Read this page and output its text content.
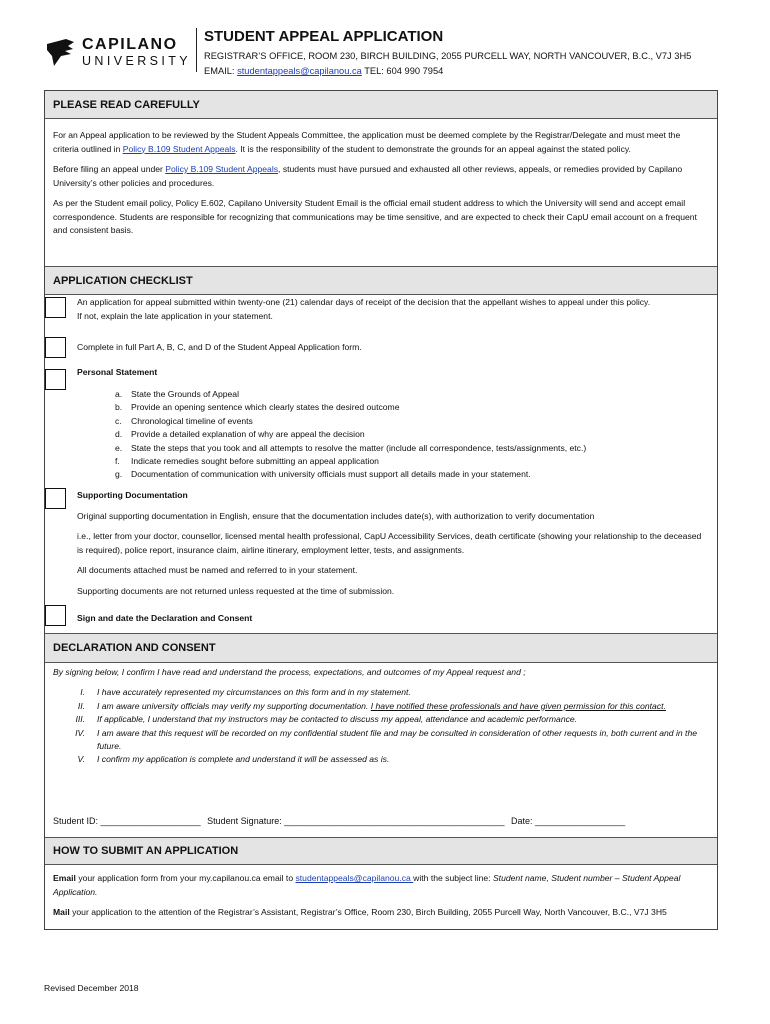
CAPILANO
UNIVERSITY
STUDENT APPEAL APPLICATION
REGISTRAR’S OFFICE, ROOM 230, BIRCH BUILDING, 2055 PURCELL WAY, NORTH VANCOUVER, B.C., V7J 3H5
EMAIL: studentappeals@capilanou.ca TEL: 604 990 7954
PLEASE READ CAREFULLY

For an Appeal application to be reviewed by the Student Appeals Committee, the application must be deemed complete by the Registrar/Delegate and must meet the criteria outlined in Policy B.109 Student Appeals. It is the responsibility of the student to demonstrate the grounds for an appeal against the stated policy.

Before filing an appeal under Policy B.109 Student Appeals, students must have pursued and exhausted all other reviews, appeals, or remedies provided by Capilano University’s other policies and procedures.

As per the Student email policy, Policy E.602, Capilano University Student Email is the official email student address to which the University will send and accept email correspondence. Students are responsible for recognizing that communications may be time sensitive, and are expected to check their CapU email account on a frequent and consistent basis.

APPLICATION CHECKLIST

An application for appeal submitted within twenty-one (21) calendar days of receipt of the decision that the appellant wishes to appeal under this policy.

If not, explain the late application in your statement.

Complete in full Part A, B, C, and D of the Student Appeal Application form.
Personal Statement
a.	State the Grounds of Appeal
b.	Provide an opening sentence which clearly states the desired outcome
c.	Chronological timeline of events
d.	Provide a detailed explanation of why are appeal the decision
e.	State the steps that you took and all attempts to resolve the matter (include all correspondence, tests/assignments, etc.)
f.	Indicate remedies sought before submitting an appeal application
g.	Documentation of communication with university officials must support all details made in your statement.

Supporting Documentation

Original supporting documentation in English, ensure that the documentation includes date(s), with authorization to verify documentation

i.e., letter from your doctor, counsellor, licensed mental health professional, CapU Accessibility Services, death certificate (showing your relationship to the deceased is required), police report, insurance claim, airline itinerary, employment letter, tests, and assignments.

All documents attached must be named and referred to in your statement.

Supporting documents are not returned unless requested at the time of submission.

Sign and date the Declaration and Consent
DECLARATION AND CONSENT
By signing below, I confirm I have read and understand the process, expectations, and outcomes of my Appeal request and ;
I.	I have accurately represented my circumstances on this form and in my statement.
II.	I am aware university officials may verify my supporting documentation. I have notified these professionals and have given permission for this contact.
III.	If applicable, I understand that my instructors may be contacted to discuss my appeal, attendance and academic performance.
IV.	I am aware that this request will be recorded on my confidential student file and may be consulted in consideration of other requests in, both current and in the future.
V.	I confirm my application is complete and understand it will be assessed as is.
Student ID: ____________________ Student Signature: ____________________________________________ Date: __________________
HOW TO SUBMIT AN APPLICATION

Email your application form from your my.capilanou.ca email to studentappeals@capilanou.ca with the subject line: Student name, Student number – Student Appeal Application.

Mail your application to the attention of the Registrar’s Assistant, Registrar’s Office, Room 230, Birch Building, 2055 Purcell Way, North Vancouver, B.C., V7J 3H5

Revised December 2018
